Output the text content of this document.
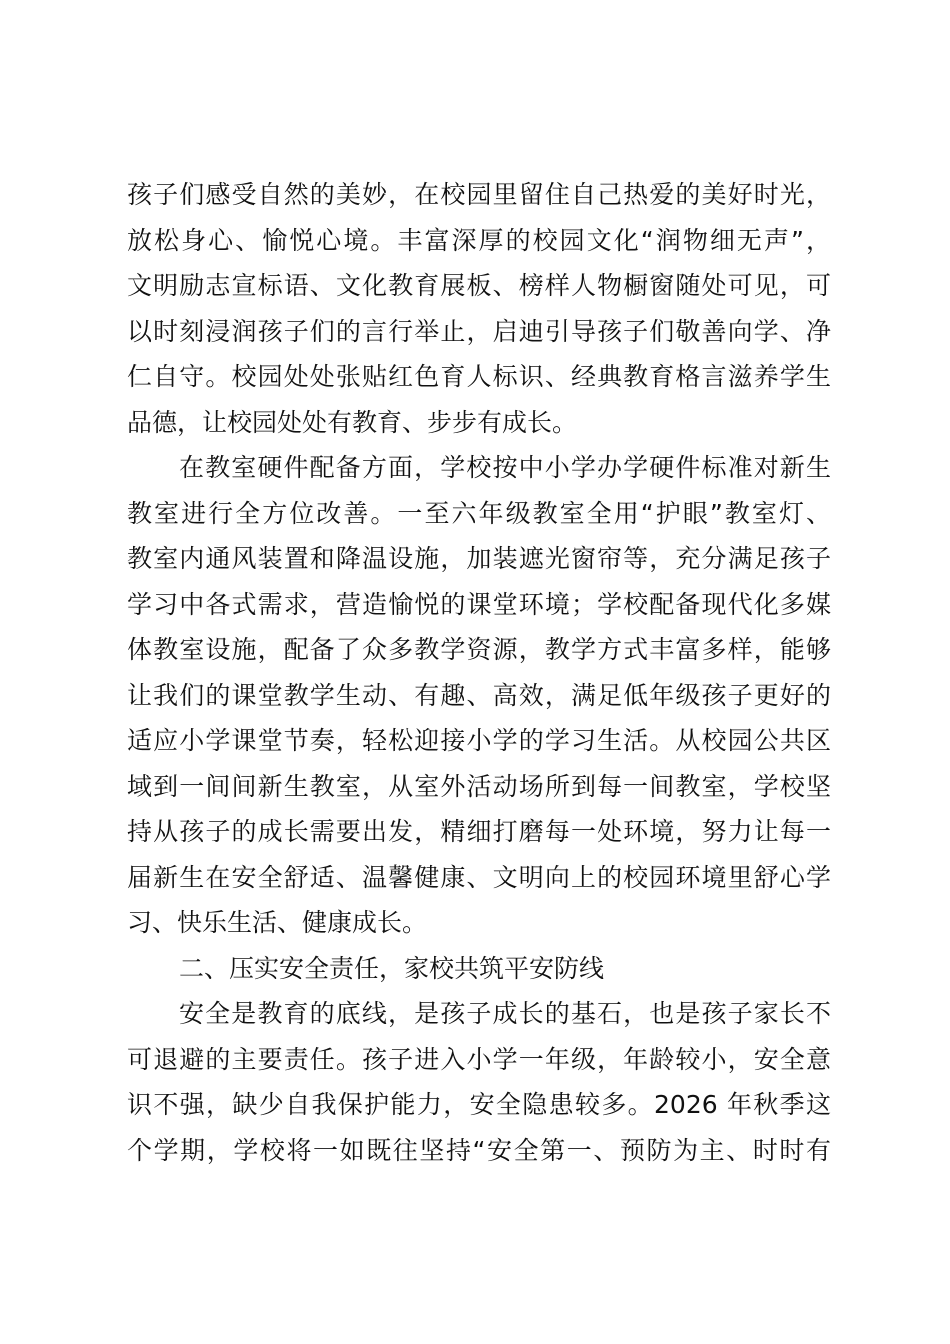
孩子们感受自然的美妙，在校园里留住自己热爱的美好时光，
放松身心、愉悦心境。丰富深厚的校园文化“润物细无声”，
文明励志宣标语、文化教育展板、榜样人物橱窗随处可见，可
以时刻浸润孩子们的言行举止，启迪引导孩子们敬善向学、净
仁自守。校园处处张贴红色育人标识、经典教育格言滋养学生
品德，让校园处处有教育、步步有成长。
在教室硬件配备方面，学校按中小学办学硬件标准对新生
教室进行全方位改善。一至六年级教室全用“护眼”教室灯、
教室内通风装置和降温设施，加装遮光窗帘等，充分满足孩子
学习中各式需求，营造愉悦的课堂环境；学校配备现代化多媒
体教室设施，配备了众多教学资源，教学方式丰富多样，能够
让我们的课堂教学生动、有趣、高效，满足低年级孩子更好的
适应小学课堂节奏，轻松迎接小学的学习生活。从校园公共区
域到一间间新生教室，从室外活动场所到每一间教室，学校坚
持从孩子的成长需要出发，精细打磨每一处环境，努力让每一
届新生在安全舒适、温馨健康、文明向上的校园环境里舒心学
习、快乐生活、健康成长。
二、压实安全责任，家校共筑平安防线
安全是教育的底线，是孩子成长的基石，也是孩子家长不
可退避的主要责任。孩子进入小学一年级，年龄较小，安全意
识不强，缺少自我保护能力，安全隐患较多。2026 年秋季这
个学期，学校将一如既往坚持“安全第一、预防为主、时时有
